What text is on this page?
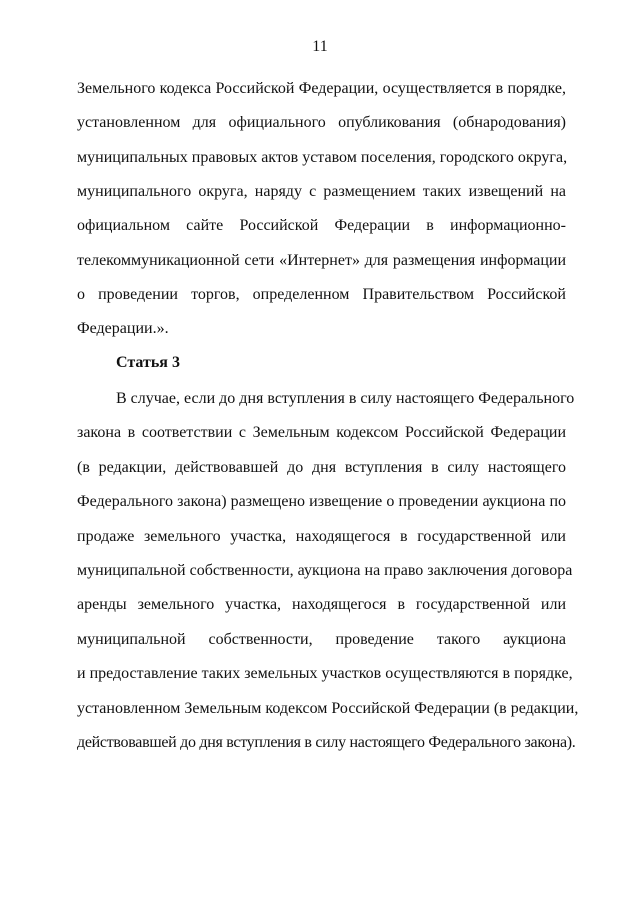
11
Земельного кодекса Российской Федерации, осуществляется в порядке,
установленном для официального опубликования (обнародования)
муниципальных правовых актов уставом поселения, городского округа,
муниципального округа, наряду с размещением таких извещений на
официальном сайте Российской Федерации в информационно-
телекоммуникационной сети «Интернет» для размещения информации
о проведении торгов, определенном Правительством Российской
Федерации.».
Статья 3
В случае, если до дня вступления в силу настоящего Федерального
закона в соответствии с Земельным кодексом Российской Федерации
(в редакции, действовавшей до дня вступления в силу настоящего
Федерального закона) размещено извещение о проведении аукциона по
продаже земельного участка, находящегося в государственной или
муниципальной собственности, аукциона на право заключения договора
аренды земельного участка, находящегося в государственной или
муниципальной собственности, проведение такого аукциона
и предоставление таких земельных участков осуществляются в порядке,
установленном Земельным кодексом Российской Федерации (в редакции,
действовавшей до дня вступления в силу настоящего Федерального закона).
